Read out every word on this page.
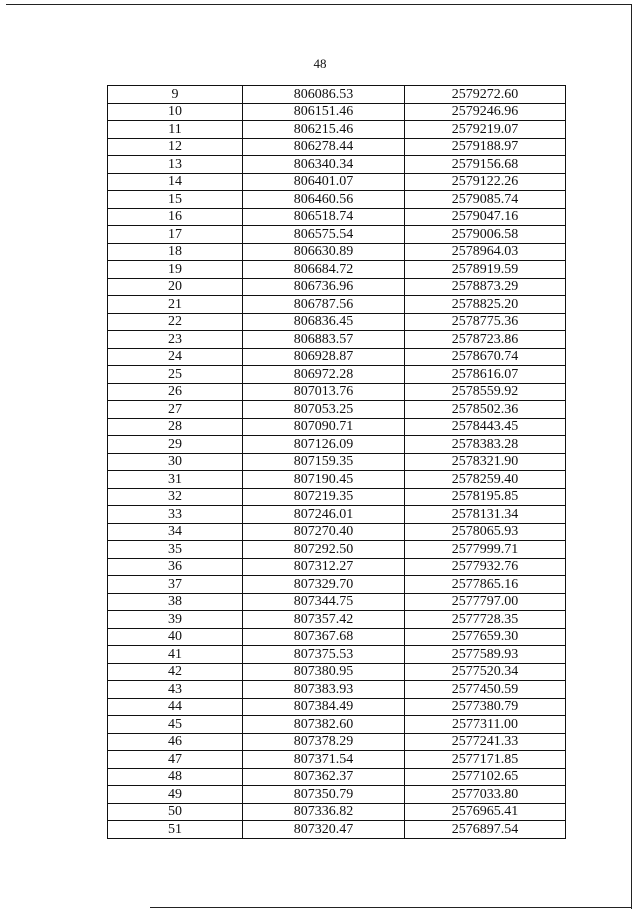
48
9	806086.53	2579272.60
10	806151.46	2579246.96
11	806215.46	2579219.07
12	806278.44	2579188.97
13	806340.34	2579156.68
14	806401.07	2579122.26
15	806460.56	2579085.74
16	806518.74	2579047.16
17	806575.54	2579006.58
18	806630.89	2578964.03
19	806684.72	2578919.59
20	806736.96	2578873.29
21	806787.56	2578825.20
22	806836.45	2578775.36
23	806883.57	2578723.86
24	806928.87	2578670.74
25	806972.28	2578616.07
26	807013.76	2578559.92
27	807053.25	2578502.36
28	807090.71	2578443.45
29	807126.09	2578383.28
30	807159.35	2578321.90
31	807190.45	2578259.40
32	807219.35	2578195.85
33	807246.01	2578131.34
34	807270.40	2578065.93
35	807292.50	2577999.71
36	807312.27	2577932.76
37	807329.70	2577865.16
38	807344.75	2577797.00
39	807357.42	2577728.35
40	807367.68	2577659.30
41	807375.53	2577589.93
42	807380.95	2577520.34
43	807383.93	2577450.59
44	807384.49	2577380.79
45	807382.60	2577311.00
46	807378.29	2577241.33
47	807371.54	2577171.85
48	807362.37	2577102.65
49	807350.79	2577033.80
50	807336.82	2576965.41
51	807320.47	2576897.54
